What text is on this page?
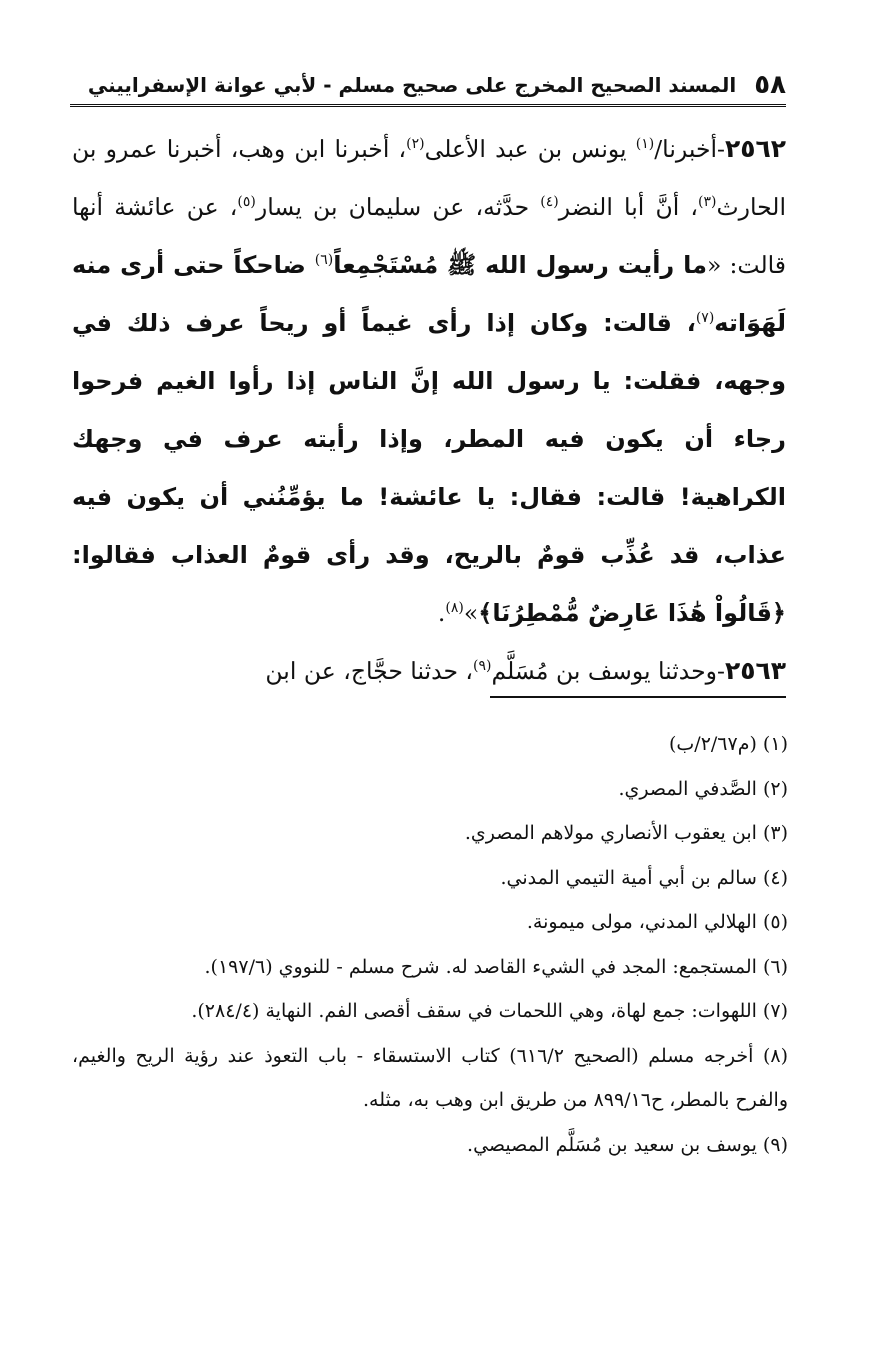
٥٨
المسند الصحيح المخرج على صحيح مسلم - لأبي عوانة الإسفراييني

٢٥٦٢-أخبرنا/$^{(١)}$ يونس بن عبد الأعلى$^{(٢)}$، أخبرنا ابن وهب، أخبرنا عمرو بن الحارث$^{(٣)}$، أنَّ أبا النضر$^{(٤)}$ حدَّثه، عن سليمان بن يسار$^{(٥)}$، عن عائشة أنها قالت: «ما رأيت رسول الله ﷺ مُسْتَجْمِعاً$^{(٦)}$ ضاحكاً حتى أرى منه لَهَوَاته$^{(٧)}$، قالت: وكان إذا رأى غيماً أو ريحاً عرف ذلك في وجهه، فقلت: يا رسول الله إنَّ الناس إذا رأوا الغيم فرحوا رجاء أن يكون فيه المطر، وإذا رأيته عرف في وجهك الكراهية! قالت: فقال: يا عائشة! ما يؤمِّنُني أن يكون فيه عذاب، قد عُذِّب قومٌ بالريح، وقد رأى قومٌ العذاب فقالوا: ﴿قَالُواْ هَٰذَا عَارِضٌ مُّمْطِرُنَا﴾»$^{(٨)}$.

٢٥٦٣-وحدثنا يوسف بن مُسَلَّم$^{(٩)}$، حدثنا حجَّاج، عن ابن

(١) (م٢/٦٧/ب)

(٢) الصَّدفي المصري.

(٣) ابن يعقوب الأنصاري مولاهم المصري.

(٤) سالم بن أبي أمية التيمي المدني.

(٥) الهلالي المدني، مولى ميمونة.

(٦) المستجمع: المجد في الشيء القاصد له. شرح مسلم - للنووي (١٩٧/٦).

(٧) اللهوات: جمع لهاة، وهي اللحمات في سقف أقصى الفم. النهاية (٢٨٤/٤).

(٨) أخرجه مسلم (الصحيح ٦١٦/٢) كتاب الاستسقاء - باب التعوذ عند رؤية الريح والغيم، والفرح بالمطر، ح٨٩٩/١٦ من طريق ابن وهب به، مثله.

(٩) يوسف بن سعيد بن مُسَلَّم المصيصي.
